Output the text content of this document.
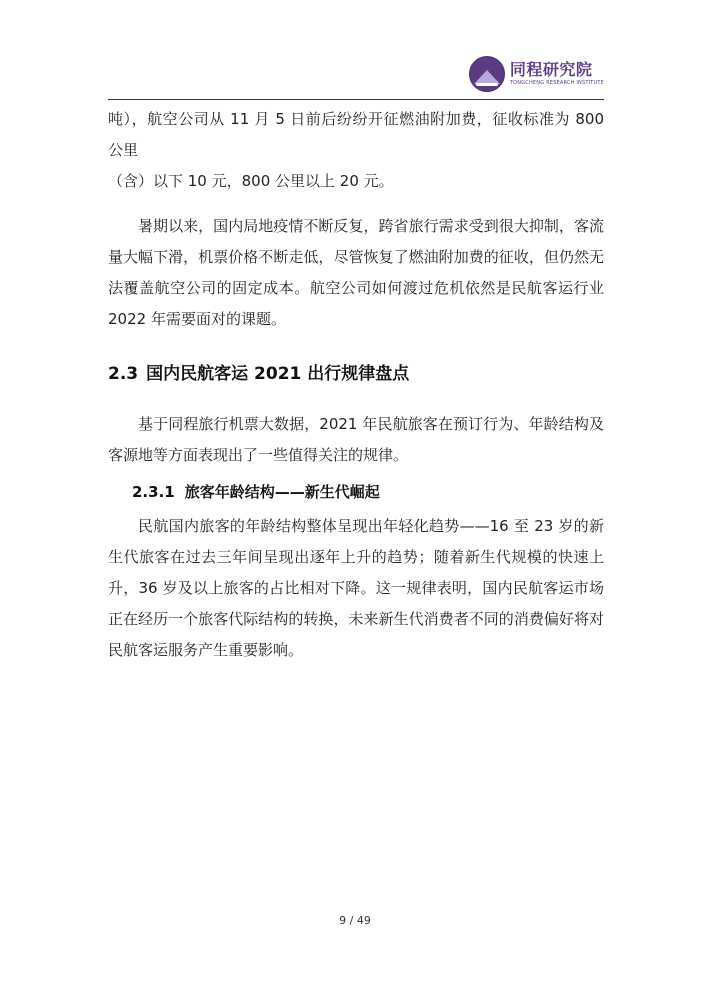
同程研究院
TONGCHENG RESEARCH INSTITUTE

吨），航空公司从 11 月 5 日前后纷纷开征燃油附加费，征收标准为 800 公里
（含）以下 10 元，800 公里以上 20 元。

暑期以来，国内局地疫情不断反复，跨省旅行需求受到很大抑制，客流量大幅下滑，机票价格不断走低，尽管恢复了燃油附加费的征收，但仍然无法覆盖航空公司的固定成本。航空公司如何渡过危机依然是民航客运行业 2022 年需要面对的课题。

2.3 国内民航客运 2021 出行规律盘点

基于同程旅行机票大数据，2021 年民航旅客在预订行为、年龄结构及客源地等方面表现出了一些值得关注的规律。

2.3.1 旅客年龄结构——新生代崛起

民航国内旅客的年龄结构整体呈现出年轻化趋势——16 至 23 岁的新生代旅客在过去三年间呈现出逐年上升的趋势；随着新生代规模的快速上升，36 岁及以上旅客的占比相对下降。这一规律表明，国内民航客运市场正在经历一个旅客代际结构的转换，未来新生代消费者不同的消费偏好将对民航客运服务产生重要影响。

9 / 49
